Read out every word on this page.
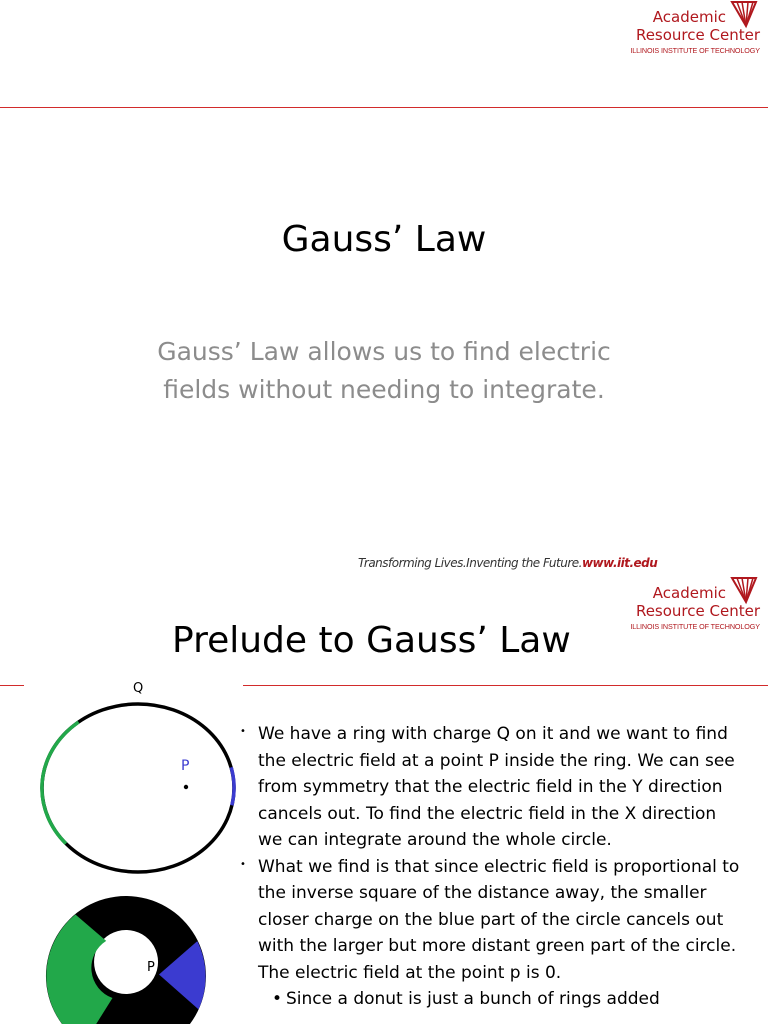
Academic
Resource Center
ILLINOIS INSTITUTE OF TECHNOLOGY
Gauss’ Law
Gauss’ Law allows us to find electric fields without needing to integrate.
Transforming Lives.Inventing the Future.www.iit.edu
Academic
Resource Center
ILLINOIS INSTITUTE OF TECHNOLOGY
Prelude to Gauss’ Law
Q
P
P
• We have a ring with charge Q on it and we want to find the electric field at a point P inside the ring. We can see from symmetry that the electric field in the Y direction cancels out. To find the electric field in the X direction we can integrate around the whole circle.
• What we find is that since electric field is proportional to the inverse square of the distance away, the smaller closer charge on the blue part of the circle cancels out with the larger but more distant green part of the circle. The electric field at the point p is 0.
• Since a donut is just a bunch of rings added
